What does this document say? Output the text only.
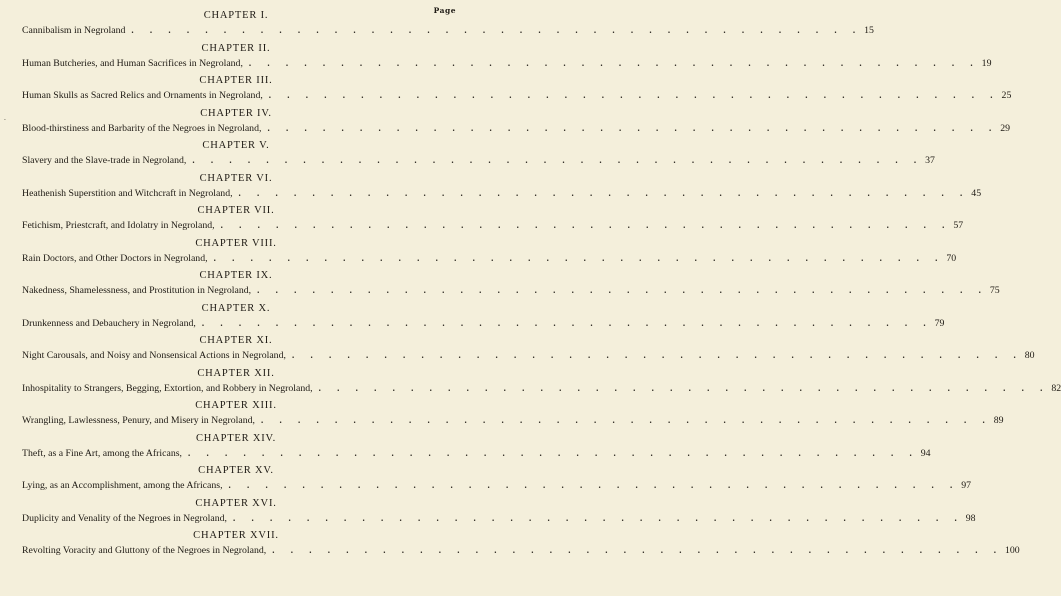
Page
·
CHAPTER I.
Cannibalism in Negroland . . . . . . . . . . . . . . . . . . . . . . . . . . . . . . . . . . . . . . . . 15
CHAPTER II.
Human Butcheries, and Human Sacrifices in Negroland, . . . . . . . . . . . . . . . . . . . . . . . . . . . . . . . . . . . . . . . . 19
CHAPTER III.
Human Skulls as Sacred Relics and Ornaments in Negroland, . . . . . . . . . . . . . . . . . . . . . . . . . . . . . . . . . . . . . . . . 25
CHAPTER IV.
Blood-thirstiness and Barbarity of the Negroes in Negroland, . . . . . . . . . . . . . . . . . . . . . . . . . . . . . . . . . . . . . . . . 29
CHAPTER V.
Slavery and the Slave-trade in Negroland, . . . . . . . . . . . . . . . . . . . . . . . . . . . . . . . . . . . . . . . . 37
CHAPTER VI.
Heathenish Superstition and Witchcraft in Negroland, . . . . . . . . . . . . . . . . . . . . . . . . . . . . . . . . . . . . . . . . 45
CHAPTER VII.
Fetichism, Priestcraft, and Idolatry in Negroland, . . . . . . . . . . . . . . . . . . . . . . . . . . . . . . . . . . . . . . . . 57
CHAPTER VIII.
Rain Doctors, and Other Doctors in Negroland, . . . . . . . . . . . . . . . . . . . . . . . . . . . . . . . . . . . . . . . . 70
CHAPTER IX.
Nakedness, Shamelessness, and Prostitution in Negroland, . . . . . . . . . . . . . . . . . . . . . . . . . . . . . . . . . . . . . . . . 75
CHAPTER X.
Drunkenness and Debauchery in Negroland, . . . . . . . . . . . . . . . . . . . . . . . . . . . . . . . . . . . . . . . . 79
CHAPTER XI.
Night Carousals, and Noisy and Nonsensical Actions in Negroland, . . . . . . . . . . . . . . . . . . . . . . . . . . . . . . . . . . . . . . . . 80
CHAPTER XII.
Inhospitality to Strangers, Begging, Extortion, and Robbery in Negroland, . . . . . . . . . . . . . . . . . . . . . . . . . . . . . . . . . . . . . . . . 82
CHAPTER XIII.
Wrangling, Lawlessness, Penury, and Misery in Negroland, . . . . . . . . . . . . . . . . . . . . . . . . . . . . . . . . . . . . . . . . 89
CHAPTER XIV.
Theft, as a Fine Art, among the Africans, . . . . . . . . . . . . . . . . . . . . . . . . . . . . . . . . . . . . . . . . 94
CHAPTER XV.
Lying, as an Accomplishment, among the Africans, . . . . . . . . . . . . . . . . . . . . . . . . . . . . . . . . . . . . . . . . 97
CHAPTER XVI.
Duplicity and Venality of the Negroes in Negroland, . . . . . . . . . . . . . . . . . . . . . . . . . . . . . . . . . . . . . . . . 98
CHAPTER XVII.
Revolting Voracity and Gluttony of the Negroes in Negroland, . . . . . . . . . . . . . . . . . . . . . . . . . . . . . . . . . . . . . . . . 100
